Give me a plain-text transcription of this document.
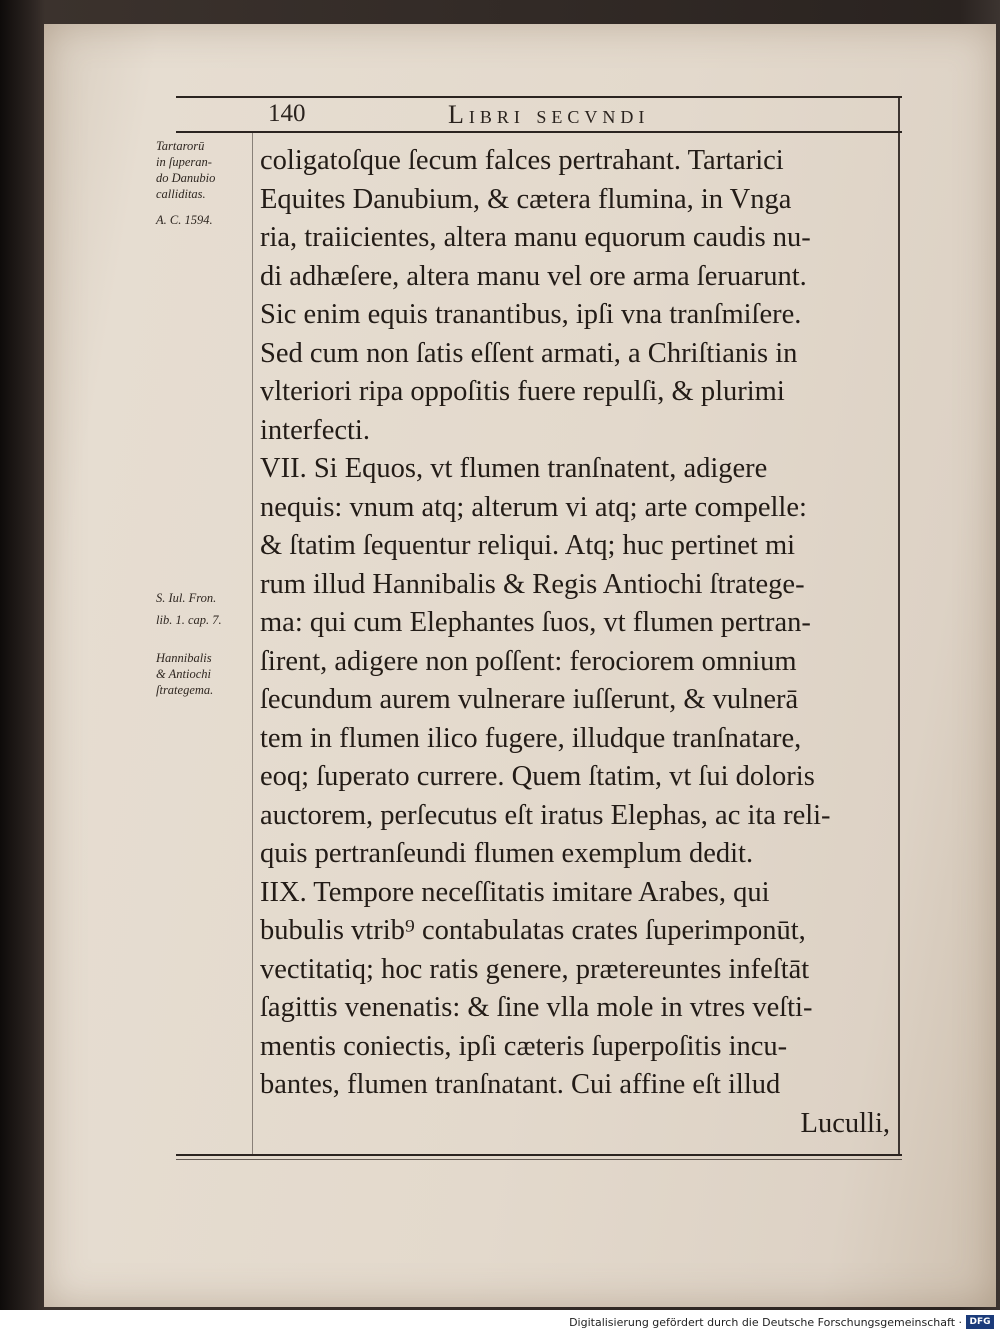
140	Libri secvndi
Tartarorū
in ſuperan-
do Danubio
calliditas.
A. C. 1594.
S. Iul. Fron.
lib. 1. cap. 7.
Hannibalis
& Antiochi
ſtrategema.
coligatoſque ſecum falces pertrahant. Tartarici
Equites Danubium, & cætera flumina, in Vnga
ria, traiicientes, altera manu equorum caudis nu-
di adhæſere, altera manu vel ore arma ſeruarunt.
Sic enim equis tranantibus, ipſi vna tranſmiſere.
Sed cum non ſatis eſſent armati, a Chriſtianis in
vlteriori ripa oppoſitis fuere repulſi, & plurimi
interfecti.
VII. Si Equos, vt flumen tranſnatent, adigere
nequis: vnum atq; alterum vi atq; arte compelle:
& ſtatim ſequentur reliqui. Atq; huc pertinet mi
rum illud Hannibalis & Regis Antiochi ſtratege-
ma: qui cum Elephantes ſuos, vt flumen pertran-
ſirent, adigere non poſſent: ferociorem omnium
ſecundum aurem vulnerare iuſſerunt, & vulnerā
tem in flumen ilico fugere, illudque tranſnatare,
eoq; ſuperato currere. Quem ſtatim, vt ſui doloris
auctorem, perſecutus eſt iratus Elephas, ac ita reli-
quis pertranſeundi flumen exemplum dedit.
IIX. Tempore neceſſitatis imitare Arabes, qui
bubulis vtrib⁹ contabulatas crates ſuperimponūt,
vectitatiq; hoc ratis genere, prætereuntes infeſtāt
ſagittis venenatis: & ſine vlla mole in vtres veſti-
mentis coniectis, ipſi cæteris ſuperpoſitis incu-
bantes, flumen tranſnatant. Cui affine eſt illud
Luculli,
Digitalisierung gefördert durch die Deutsche Forschungsgemeinschaft · DFG
